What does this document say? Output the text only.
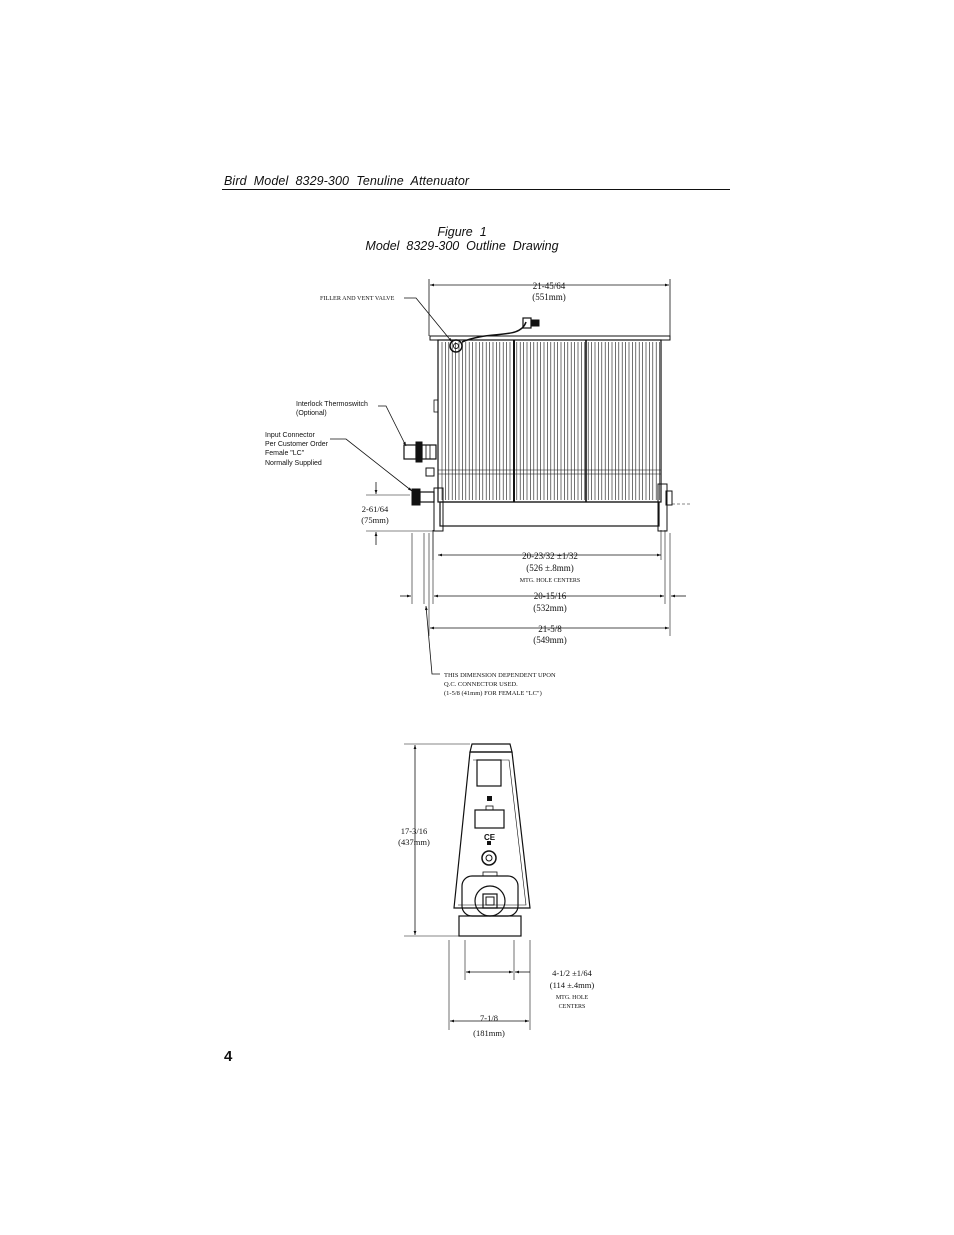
Bird  Model  8329-300  Tenuline  Attenuator
Figure  1
Model  8329-300  Outline  Drawing
21-45/64
(551mm)
FILLER AND VENT VALVE
Interlock Thermoswitch
(Optional)
Input Connector
Per Customer Order
Female "LC"
Normally Supplied
2-61/64
(75mm)
20-23/32 ±1/32
(526 ±.8mm)
MTG. HOLE CENTERS
20-15/16
(532mm)
21-5/8
(549mm)
THIS DIMENSION DEPENDENT UPON
Q.C. CONNECTOR USED.
(1-5/8 (41mm) FOR FEMALE "LC")
CE
17-3/16
(437mm)
4-1/2 ±1/64
(114 ±.4mm)
MTG. HOLE
CENTERS
7-1/8
(181mm)
4
